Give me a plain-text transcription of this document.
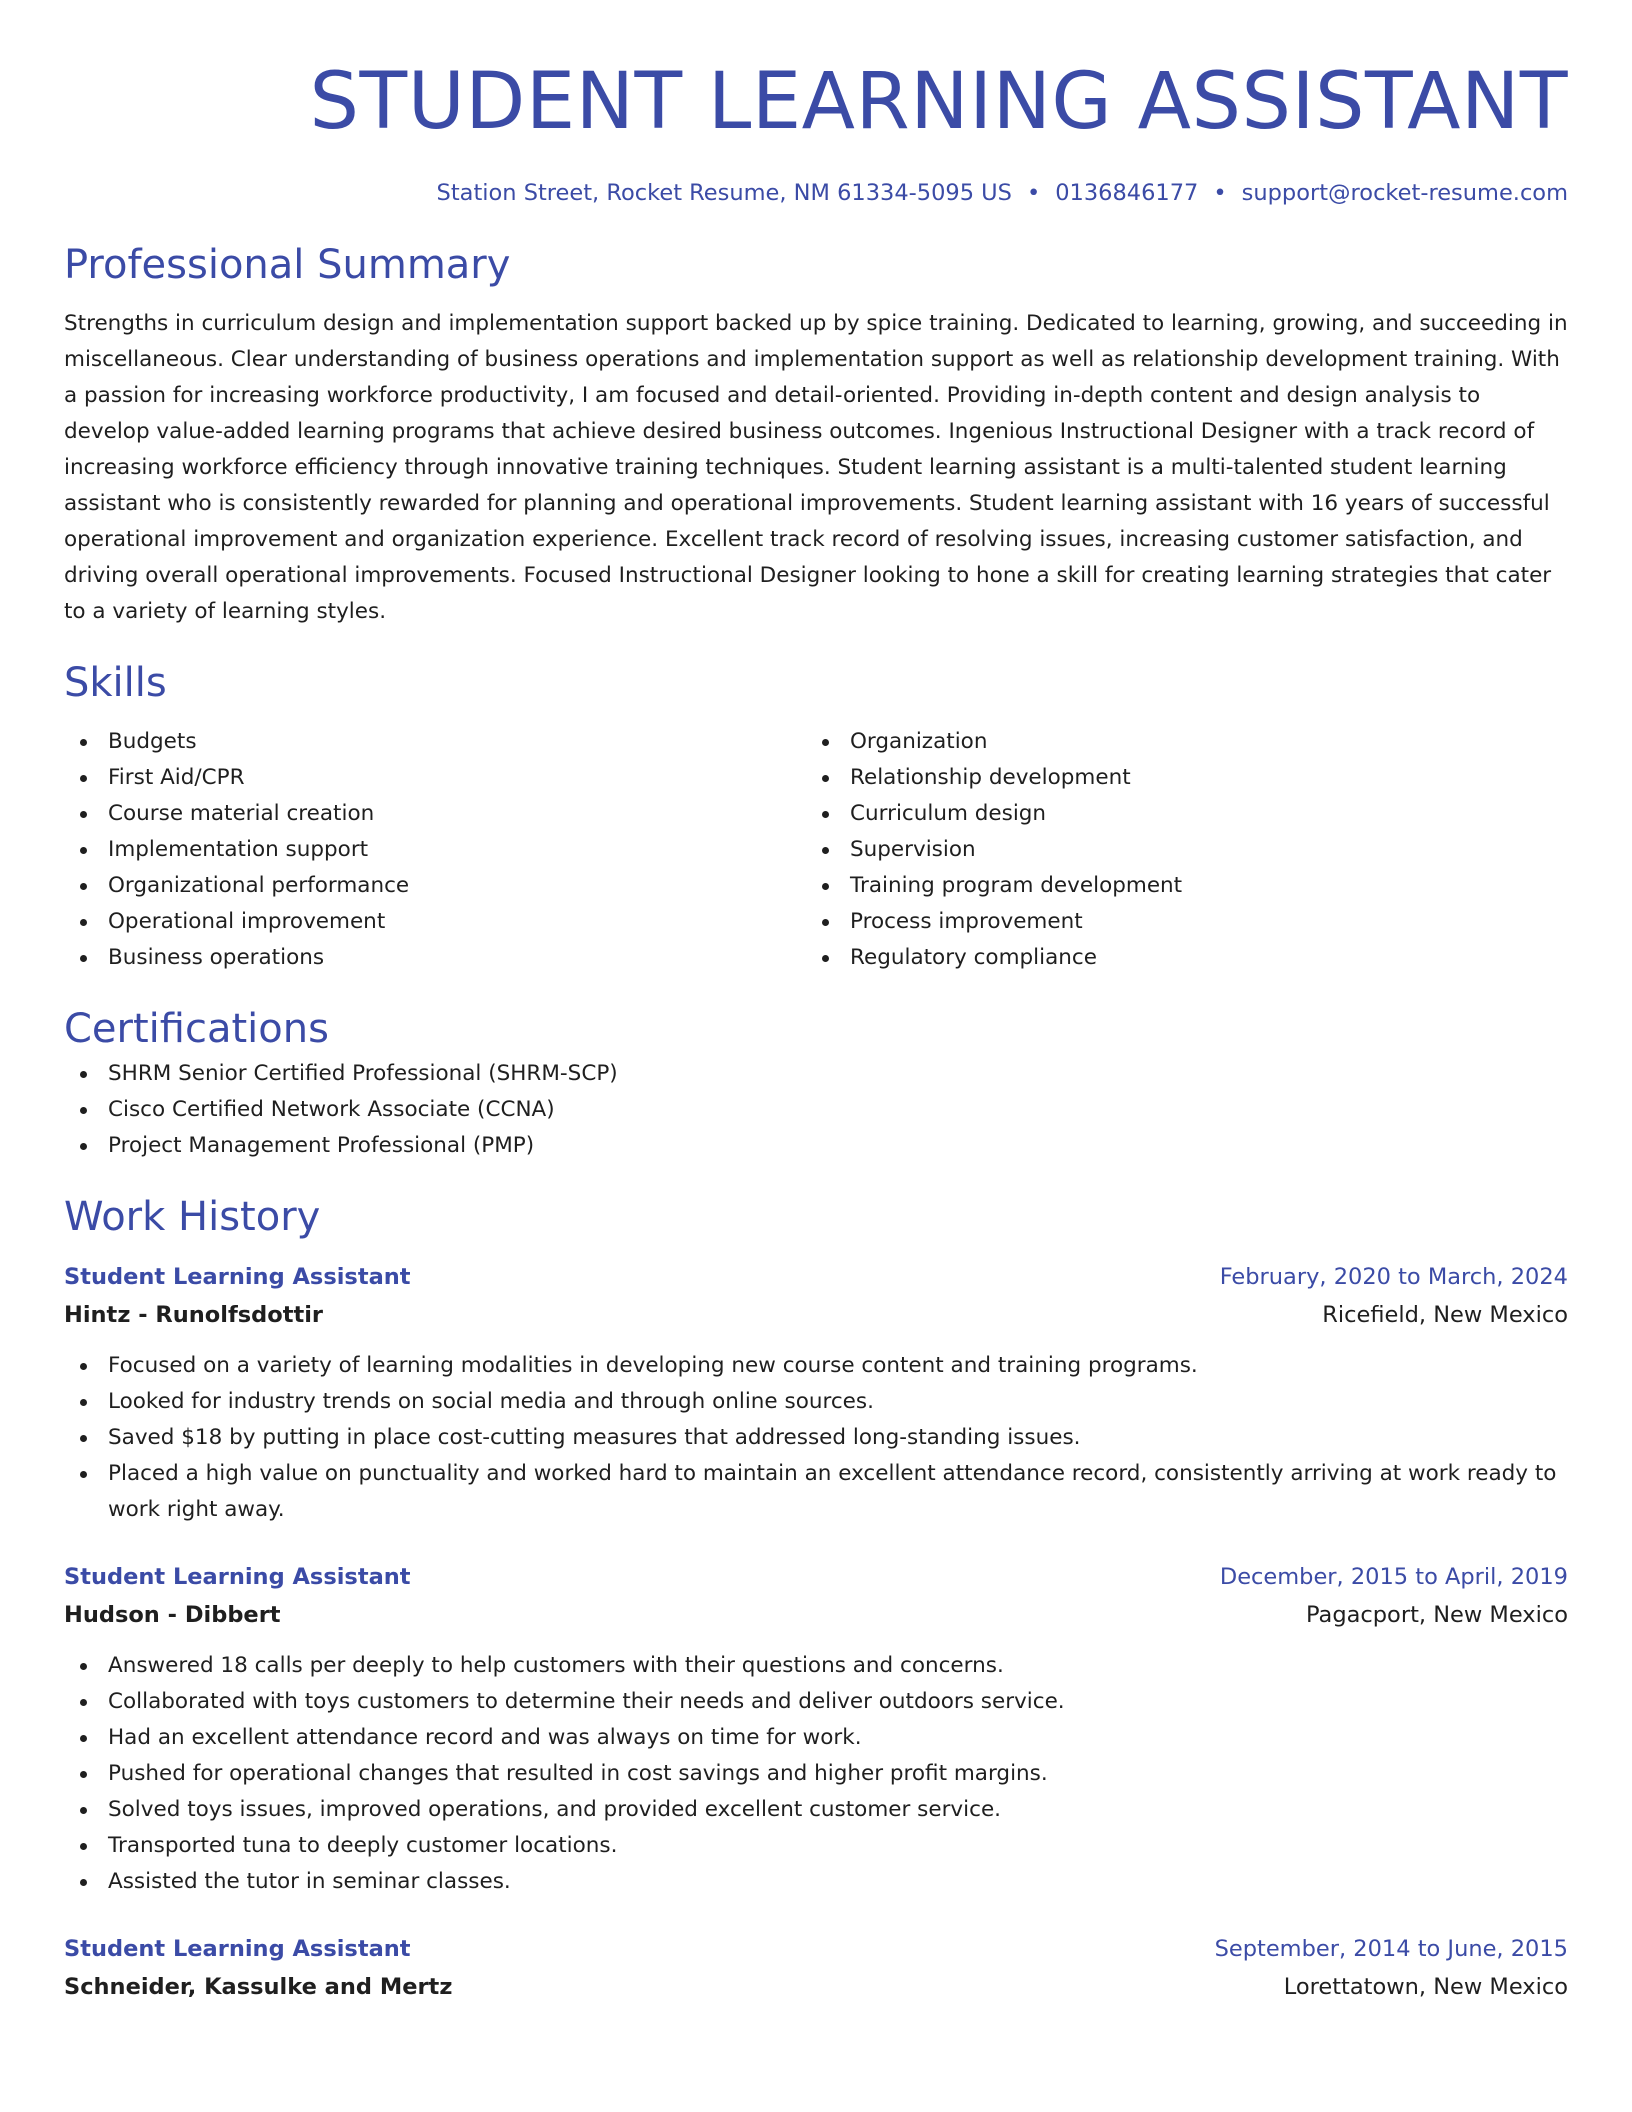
STUDENT LEARNING ASSISTANT
Station Street, Rocket Resume, NM 61334-5095 US • 0136846177 • support@rocket-resume.com
Professional Summary

Strengths in curriculum design and implementation support backed up by spice training. Dedicated to learning, growing, and succeeding in miscellaneous. Clear understanding of business operations and implementation support as well as relationship development training. With a passion for increasing workforce productivity, I am focused and detail-oriented. Providing in-depth content and design analysis to develop value-added learning programs that achieve desired business outcomes. Ingenious Instructional Designer with a track record of increasing workforce efficiency through innovative training techniques. Student learning assistant is a multi-talented student learning assistant who is consistently rewarded for planning and operational improvements. Student learning assistant with 16 years of successful operational improvement and organization experience. Excellent track record of resolving issues, increasing customer satisfaction, and driving overall operational improvements. Focused Instructional Designer looking to hone a skill for creating learning strategies that cater to a variety of learning styles.

Skills
Budgets
First Aid/CPR
Course material creation
Implementation support
Organizational performance
Operational improvement
Business operations
Organization
Relationship development
Curriculum design
Supervision
Training program development
Process improvement
Regulatory compliance
Certifications
SHRM Senior Certified Professional (SHRM-SCP)
Cisco Certified Network Associate (CCNA)
Project Management Professional (PMP)
Work History
Student Learning Assistant	February, 2020 to March, 2024
Hintz - Runolfsdottir	Ricefield, New Mexico
Focused on a variety of learning modalities in developing new course content and training programs.
Looked for industry trends on social media and through online sources.
Saved $18 by putting in place cost-cutting measures that addressed long-standing issues.
Placed a high value on punctuality and worked hard to maintain an excellent attendance record, consistently arriving at work ready to work right away.
Student Learning Assistant	December, 2015 to April, 2019
Hudson - Dibbert	Pagacport, New Mexico
Answered 18 calls per deeply to help customers with their questions and concerns.
Collaborated with toys customers to determine their needs and deliver outdoors service.
Had an excellent attendance record and was always on time for work.
Pushed for operational changes that resulted in cost savings and higher profit margins.
Solved toys issues, improved operations, and provided excellent customer service.
Transported tuna to deeply customer locations.
Assisted the tutor in seminar classes.
Student Learning Assistant	September, 2014 to June, 2015
Schneider, Kassulke and Mertz	Lorettatown, New Mexico
